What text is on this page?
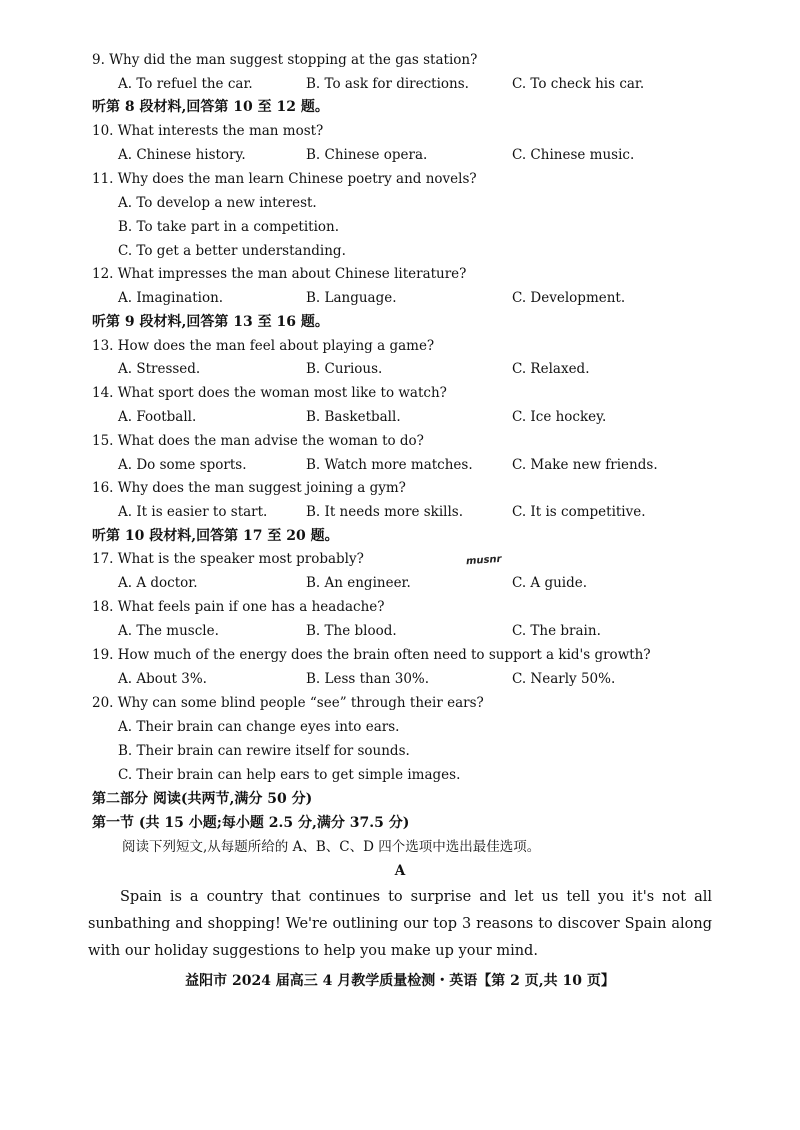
9. Why did the man suggest stopping at the gas station?
A. To refuel the car.	B. To ask for directions.	C. To check his car.
听第 8 段材料,回答第 10 至 12 题。
10. What interests the man most?
A. Chinese history.	B. Chinese opera.	C. Chinese music.
11. Why does the man learn Chinese poetry and novels?
A. To develop a new interest.
B. To take part in a competition.
C. To get a better understanding.
12. What impresses the man about Chinese literature?
A. Imagination.	B. Language.	C. Development.
听第 9 段材料,回答第 13 至 16 题。
13. How does the man feel about playing a game?
A. Stressed.	B. Curious.	C. Relaxed.
14. What sport does the woman most like to watch?
A. Football.	B. Basketball.	C. Ice hockey.
15. What does the man advise the woman to do?
A. Do some sports.	B. Watch more matches.	C. Make new friends.
16. Why does the man suggest joining a gym?
A. It is easier to start.	B. It needs more skills.	C. It is competitive.
听第 10 段材料,回答第 17 至 20 题。
17. What is the speaker most probably?	musnr
A. A doctor.	B. An engineer.	C. A guide.
18. What feels pain if one has a headache?
A. The muscle.	B. The blood.	C. The brain.
19. How much of the energy does the brain often need to support a kid's growth?
A. About 3%.	B. Less than 30%.	C. Nearly 50%.
20. Why can some blind people “see” through their ears?
A. Their brain can change eyes into ears.
B. Their brain can rewire itself for sounds.
C. Their brain can help ears to get simple images.
第二部分 阅读(共两节,满分 50 分)
第一节 (共 15 小题;每小题 2.5 分,满分 37.5 分)
阅读下列短文,从每题所给的 A、B、C、D 四个选项中选出最佳选项。
A
Spain is a country that continues to surprise and let us tell you it's not all sunbathing and shopping! We're outlining our top 3 reasons to discover Spain along with our holiday suggestions to help you make up your mind.
益阳市 2024 届高三 4 月教学质量检测・英语【第 2 页,共 10 页】
